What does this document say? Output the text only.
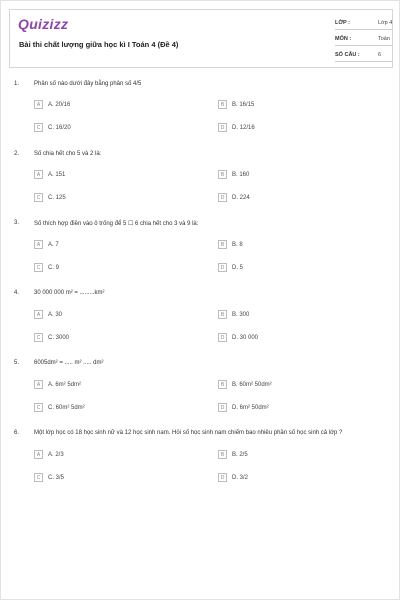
Quizizz
Bài thi chất lượng giữa học kì I Toán 4 (Đề 4)
LỚP :	Lớp 4
MÔN :	Toán
SỐ CÂU :	6
1. Phân số nào dưới đây bằng phân số 4/5
A	A. 20/16	B	B. 16/15
C	C. 16/20	D	D. 12/16
2. Số chia hết cho 5 và 2 là:
A	A. 151	B	B. 160
C	C. 125	D	D. 224
3. Số thích hợp điền vào ô trống để 5 ☐ 6 chia hết cho 3 và 9 là:
A	A. 7	B	B. 8
C	C. 9	D	D. 5
4. 30 000 000 m² = .........km²
A	A. 30	B	B. 300
C	C. 3000	D	D. 30 000
5. 6005dm² = ..... m² ..... dm²
A	A. 6m² 5dm²	B	B. 60m² 50dm²
C	C. 60m² 5dm²	D	D. 6m² 50dm²
6. Một lớp học có 18 học sinh nữ và 12 học sinh nam. Hỏi số học sinh nam chiếm bao nhiêu phần số học sinh cả lớp ?
A	A. 2/3	B	B. 2/5
C	C. 3/5	D	D. 3/2
